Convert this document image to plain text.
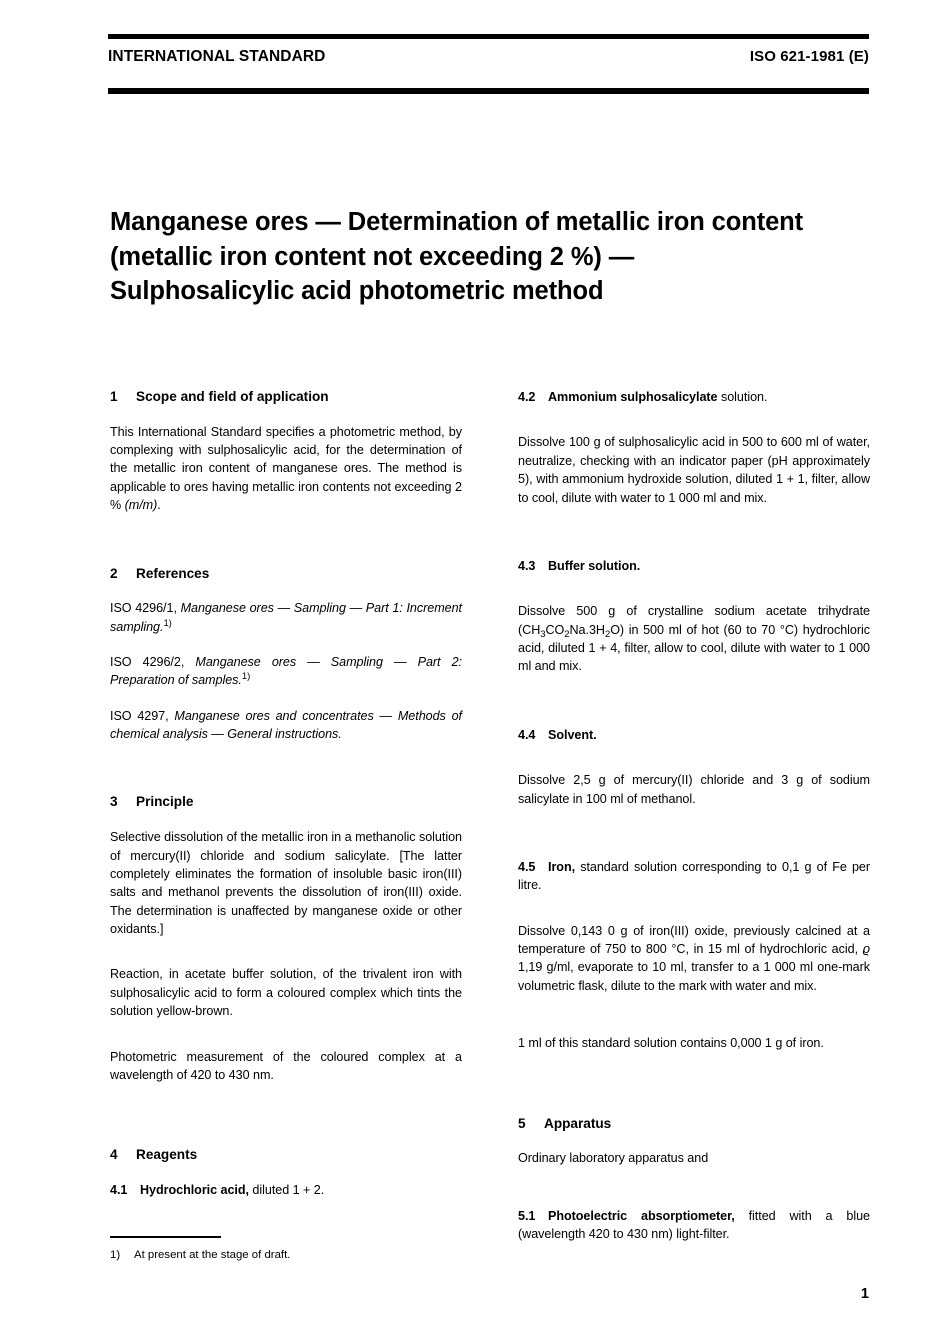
INTERNATIONAL STANDARD	ISO 621-1981 (E)
Manganese ores — Determination of metallic iron content
(metallic iron content not exceeding 2 %) —
Sulphosalicylic acid photometric method
1 Scope and field of application

This International Standard specifies a photometric method, by complexing with sulphosalicylic acid, for the determination of the metallic iron content of manganese ores. The method is applicable to ores having metallic iron contents not exceeding 2 % (m/m).

2 References

ISO 4296/1, Manganese ores — Sampling — Part 1: Increment sampling.$^{1)}$

ISO 4296/2, Manganese ores — Sampling — Part 2: Preparation of samples.$^{1)}$

ISO 4297, Manganese ores and concentrates — Methods of chemical analysis — General instructions.

3 Principle

Selective dissolution of the metallic iron in a methanolic solution of mercury(II) chloride and sodium salicylate. [The latter completely eliminates the formation of insoluble basic iron(III) salts and methanol prevents the dissolution of iron(III) oxide. The determination is unaffected by manganese oxide or other oxidants.]

Reaction, in acetate buffer solution, of the trivalent iron with sulphosalicylic acid to form a coloured complex which tints the solution yellow-brown.

Photometric measurement of the coloured complex at a wavelength of 420 to 430 nm.

4 Reagents

4.1 Hydrochloric acid, diluted 1 + 2.

4.2 Ammonium sulphosalicylate solution.

Dissolve 100 g of sulphosalicylic acid in 500 to 600 ml of water, neutralize, checking with an indicator paper (pH approximately 5), with ammonium hydroxide solution, diluted 1 + 1, filter, allow to cool, dilute with water to 1 000 ml and mix.

4.3 Buffer solution.

Dissolve 500 g of crystalline sodium acetate trihydrate $(CH_3CO_2Na.3H_2O)$ in 500 ml of hot (60 to 70 °C) hydrochloric acid, diluted 1 + 4, filter, allow to cool, dilute with water to 1 000 ml and mix.

4.4 Solvent.

Dissolve 2,5 g of mercury(II) chloride and 3 g of sodium salicylate in 100 ml of methanol.

4.5 Iron, standard solution corresponding to 0,1 g of Fe per litre.

Dissolve 0,143 0 g of iron(III) oxide, previously calcined at a temperature of 750 to 800 °C, in 15 ml of hydrochloric acid, ϱ 1,19 g/ml, evaporate to 10 ml, transfer to a 1 000 ml one-mark volumetric flask, dilute to the mark with water and mix.

1 ml of this standard solution contains 0,000 1 g of iron.

5 Apparatus

Ordinary laboratory apparatus and

5.1 Photoelectric absorptiometer, fitted with a blue (wavelength 420 to 430 nm) light-filter.

1) At present at the stage of draft.
1
